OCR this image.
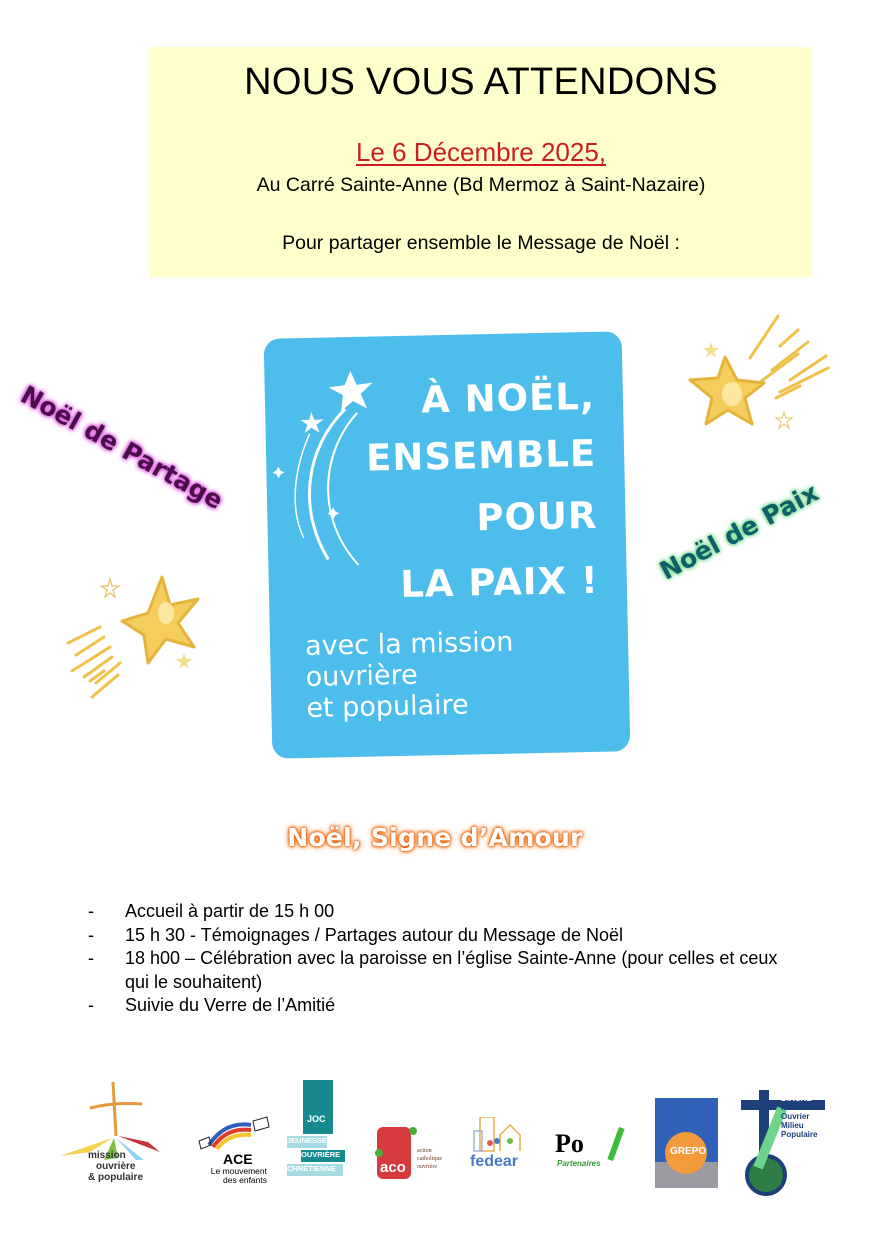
NOUS VOUS ATTENDONS
Le 6 Décembre 2025,
Au Carré Sainte-Anne (Bd Mermoz à Saint-Nazaire)
Pour partager ensemble le Message de Noël :
Noël de Partage
Noël de Paix
À NOËL,
ENSEMBLE
POUR
LA PAIX !
avec la mission
ouvrière
et populaire
Noël, Signe d’Amour
- Accueil à partir de 15 h 00
- 15 h 30 - Témoignages / Partages autour du Message de Noël
- 18 h00 – Célébration avec la paroisse en l’église Sainte-Anne (pour celles et ceux qui le souhaitent)
- Suivie du Verre de l’Amitié
mission
ouvrière
& populaire
ACE
Le mouvement
des enfants
JOC
JEUNESSE
OUVRIÈRE
CHRÉTIENNE	aco
action
catholique
ouvrière	fedear
Po
Partenaires
GREPO
DIACRE
Monde
Ouvrier
Milieu
Populaire
